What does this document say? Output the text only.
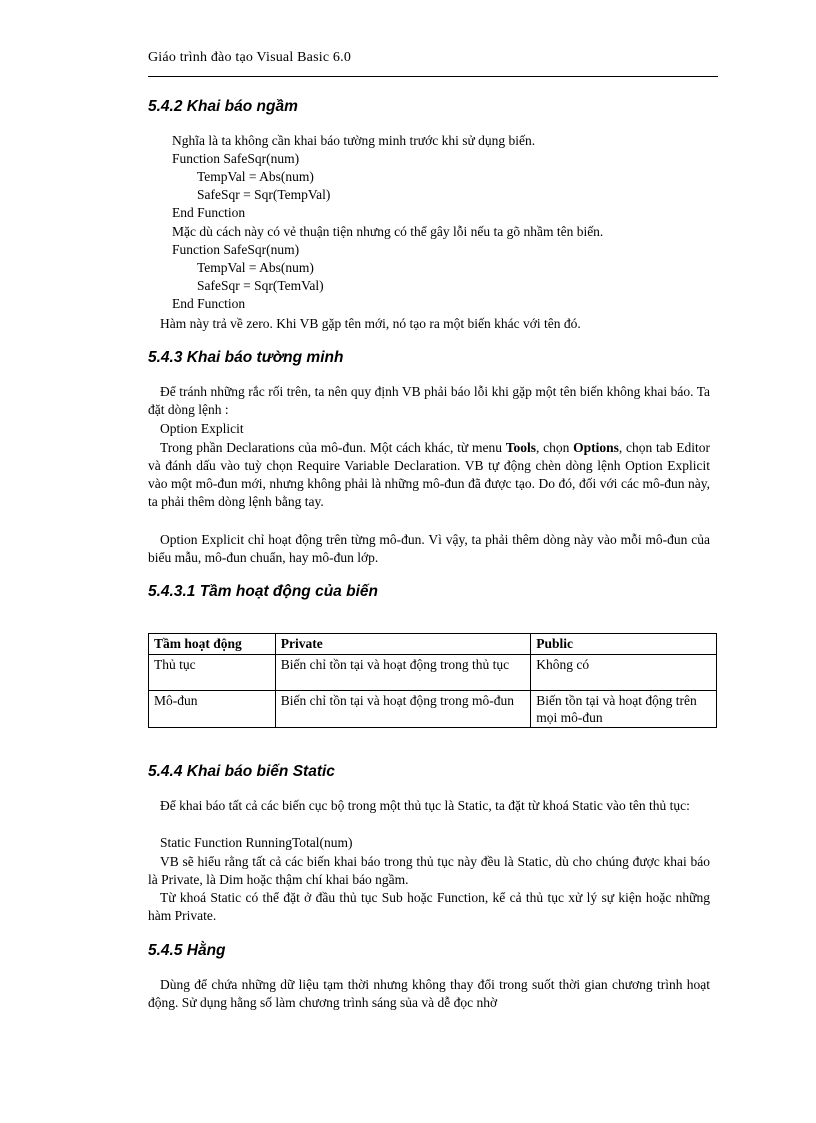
Giáo trình đào tạo Visual Basic 6.0
5.4.2 Khai báo ngầm
Nghĩa là ta không cần khai báo tường minh trước khi sử dụng biến.
Function SafeSqr(num)
TempVal = Abs(num)
SafeSqr = Sqr(TempVal)
End Function
Mặc dù cách này có vẻ thuận tiện nhưng có thể gây lỗi nếu ta gõ nhầm tên biến.
Function SafeSqr(num)
TempVal = Abs(num)
SafeSqr = Sqr(TemVal)
End Function
Hàm này trả về zero. Khi VB gặp tên mới, nó tạo ra một biến khác với tên đó.
5.4.3 Khai báo tường minh
Để tránh những rắc rối trên, ta nên quy định VB phải báo lỗi khi gặp một tên biến không khai báo. Ta đặt dòng lệnh :
Option Explicit
Trong phần Declarations của mô-đun. Một cách khác, từ menu Tools, chọn Options, chọn tab Editor và đánh dấu vào tuỳ chọn Require Variable Declaration. VB tự động chèn dòng lệnh Option Explicit vào một mô-đun mới, nhưng không phải là những mô-đun đã được tạo. Do đó, đối với các mô-đun này, ta phải thêm dòng lệnh bằng tay.
Option Explicit chỉ hoạt động trên từng mô-đun. Vì vậy, ta phải thêm dòng này vào mỗi mô-đun của biểu mẫu, mô-đun chuẩn, hay mô-đun lớp.
5.4.3.1 Tầm hoạt động của biến
Tầm hoạt động	Private	Public
Thủ tục	Biến chỉ tồn tại và hoạt động trong thủ tục	Không có
Mô-đun	Biến chỉ tồn tại và hoạt động trong mô-đun	Biến tồn tại và hoạt động trên mọi mô-đun
5.4.4 Khai báo biến Static
Để khai báo tất cả các biến cục bộ trong một thủ tục là Static, ta đặt từ khoá Static vào tên thủ tục:
Static Function RunningTotal(num)
VB sẽ hiểu rằng tất cả các biến khai báo trong thủ tục này đều là Static, dù cho chúng được khai báo là Private, là Dim hoặc thậm chí khai báo ngầm.
Từ khoá Static có thể đặt ở đầu thủ tục Sub hoặc Function, kể cả thủ tục xử lý sự kiện hoặc những hàm Private.
5.4.5 Hằng
Dùng để chứa những dữ liệu tạm thời nhưng không thay đổi trong suốt thời gian chương trình hoạt động. Sử dụng hằng số làm chương trình sáng sủa và dễ đọc nhờ
